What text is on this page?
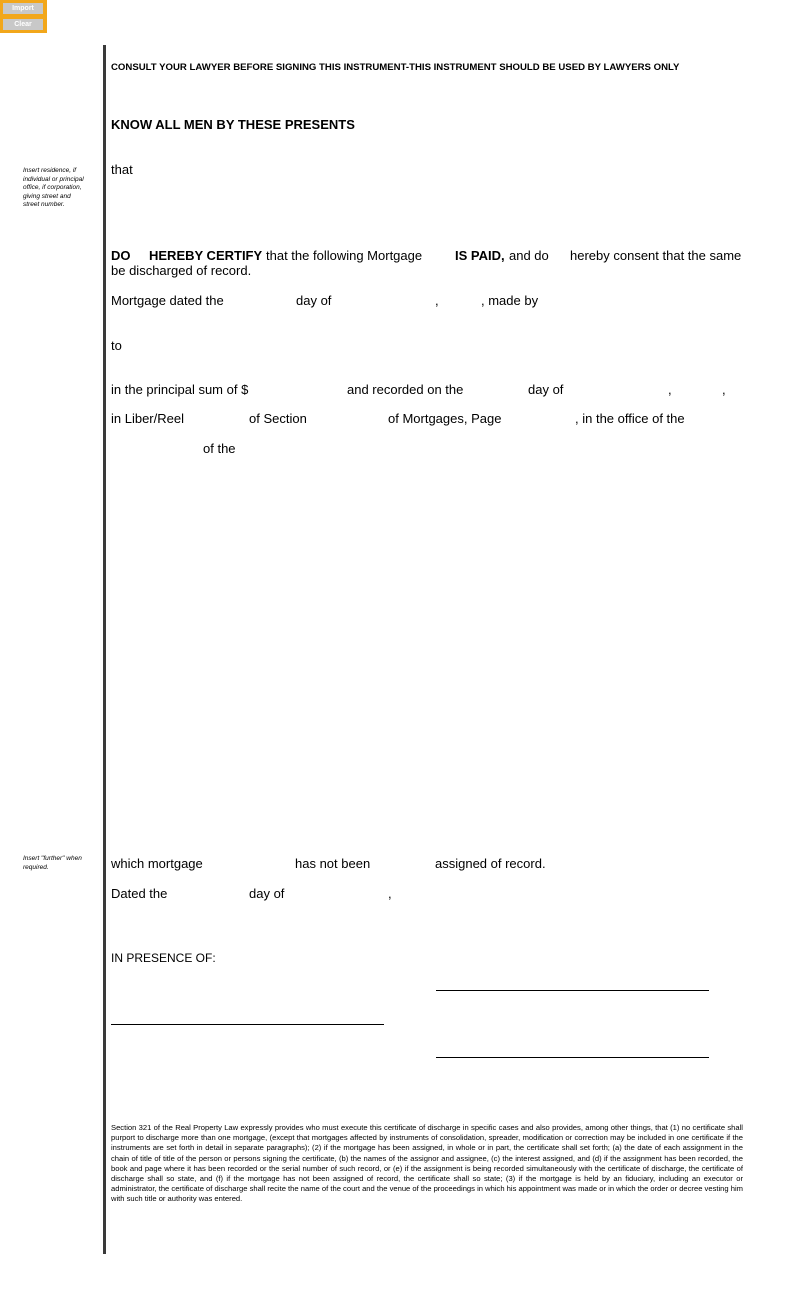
Import
Clear
Insert residence, if individual or principal office, if corporation, giving street and street number.
Insert "further" when required.
CONSULT YOUR LAWYER BEFORE SIGNING THIS INSTRUMENT-THIS INSTRUMENT SHOULD BE USED BY LAWYERS ONLY
KNOW ALL MEN BY THESE PRESENTS
that
DO HEREBY CERTIFY that the following Mortgage	IS PAID, and do hereby consent that the same
be discharged of record.
Mortgage dated the	day of	,	, made by
to
in the principal sum of $	and recorded on the	day of	,	,
in Liber/Reel	of Section	of Mortgages, Page	, in the office of the
of the
which mortgage	has not been	assigned of record.
Dated the	day of	,
IN PRESENCE OF:
Section 321 of the Real Property Law expressly provides who must execute this certificate of discharge in specific cases and also provides, among other things, that (1) no certificate shall purport to discharge more than one mortgage, (except that mortgages affected by instruments of consolidation, spreader, modification or correction may be included in one certificate if the instruments are set forth in detail in separate paragraphs); (2) if the mortgage has been assigned, in whole or in part, the certificate shall set forth; (a) the date of each assignment in the chain of title of title of the person or persons signing the certificate, (b) the names of the assignor and assignee, (c) the interest assigned, and (d) if the assignment has been recorded, the book and page where it has been recorded or the serial number of such record, or (e) if the assignment is being recorded simultaneously with the certificate of discharge, the certificate of discharge shall so state, and (f) if the mortgage has not been assigned of record, the certificate shall so state; (3) if the mortgage is held by an fiduciary, including an executor or administrator, the certificate of discharge shall recite the name of the court and the venue of the proceedings in which his appointment was made or in which the order or decree vesting him with such title or authority was entered.
